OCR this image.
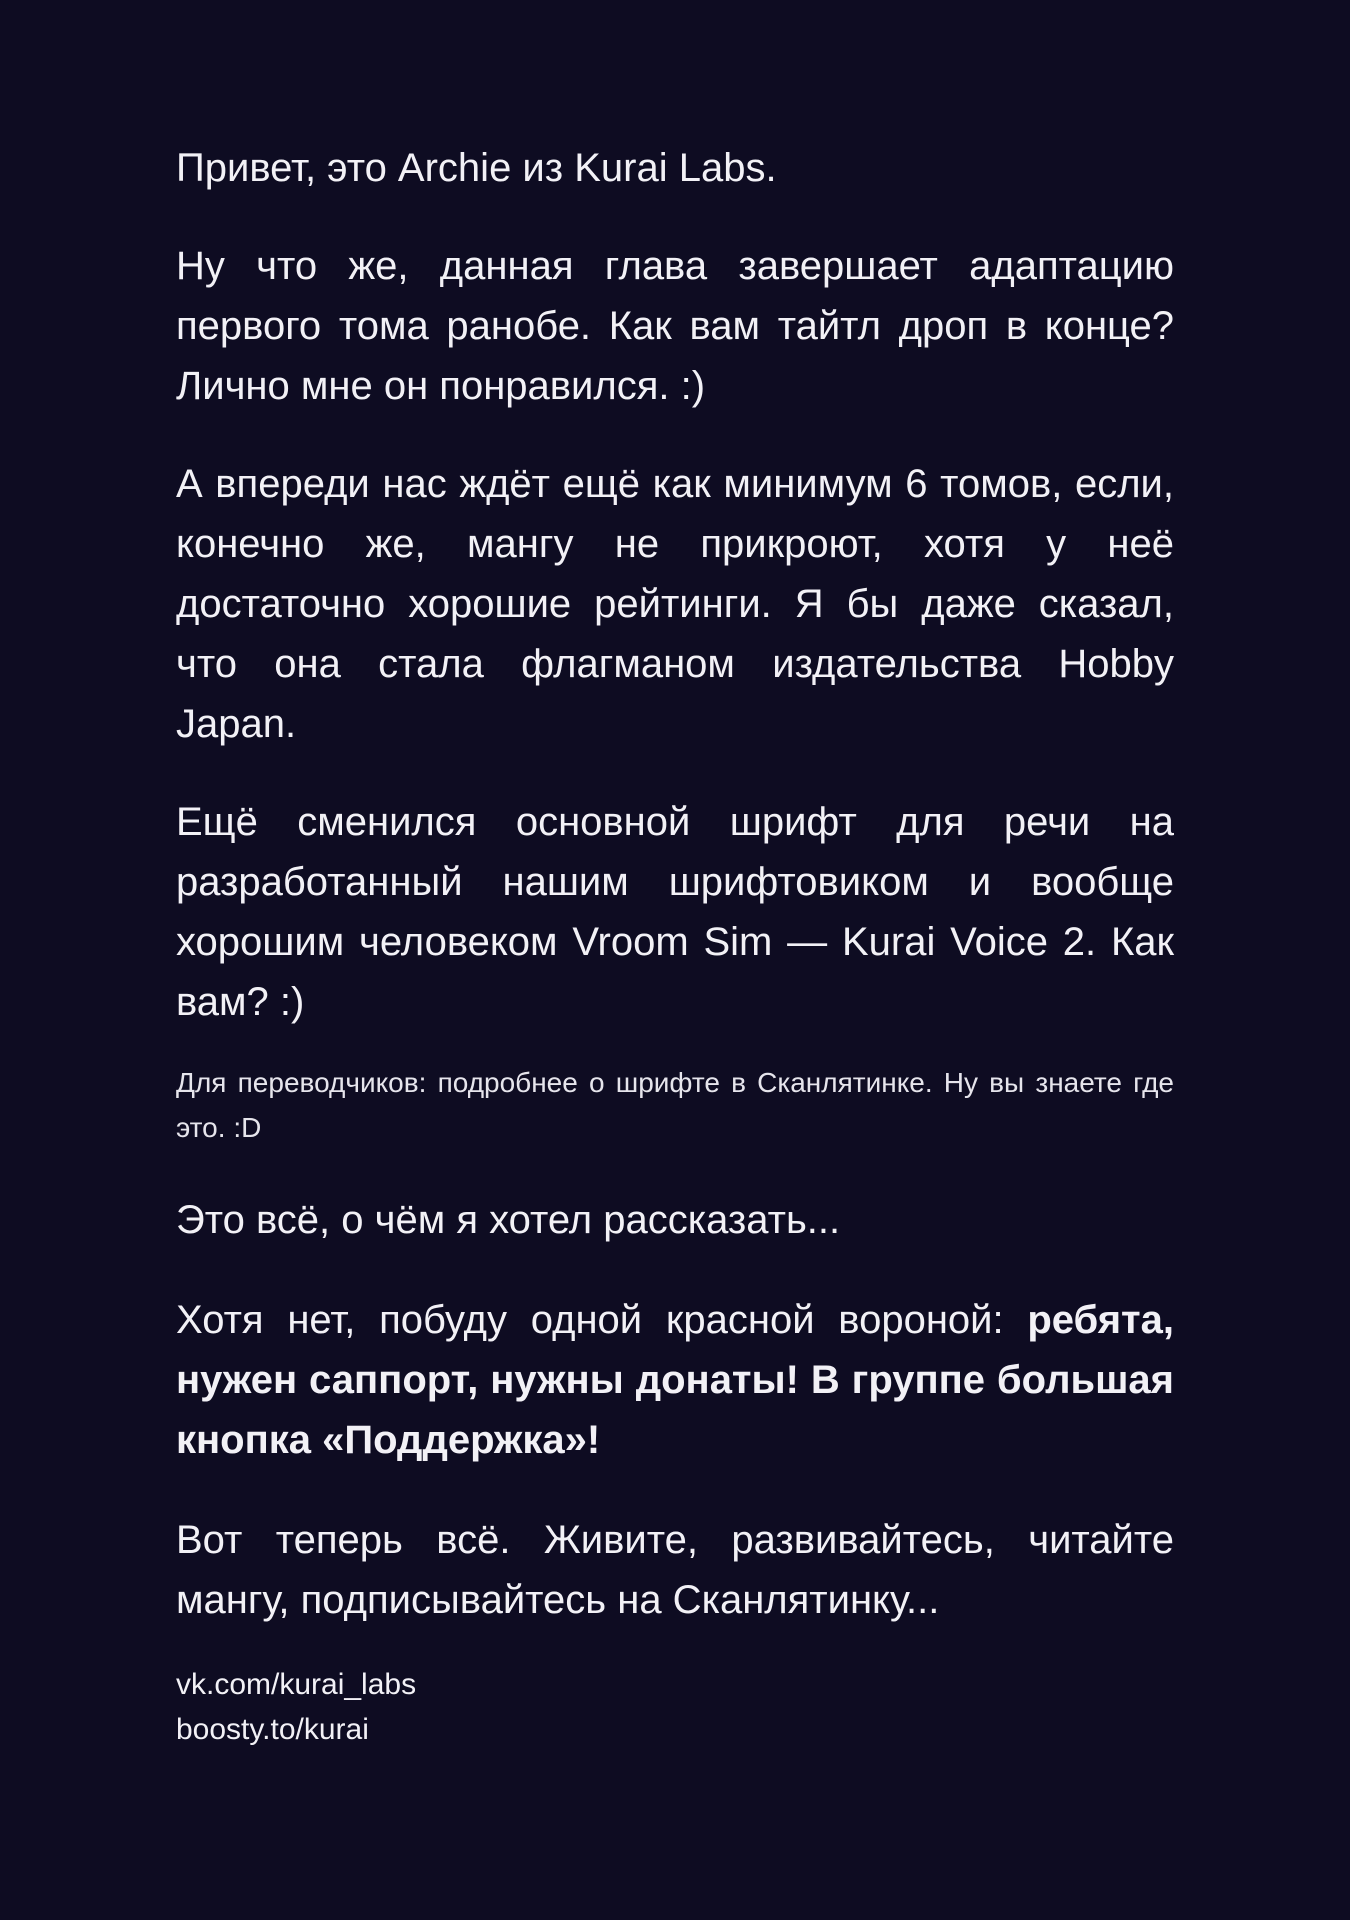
Привет, это Archie из Kurai Labs.

Ну что же, данная глава завершает адаптацию первого тома ранобе. Как вам тайтл дроп в конце? Лично мне он понравился. :)

А впереди нас ждёт ещё как минимум 6 томов, если, конечно же, мангу не прикроют, хотя у неё достаточно хорошие рейтинги. Я бы даже сказал, что она стала флагманом издательства Hobby Japan.

Ещё сменился основной шрифт для речи на разработанный нашим шрифтовиком и вообще хорошим человеком Vroom Sim — Kurai Voice 2. Как вам? :)

Для переводчиков: подробнее о шрифте в Сканлятинке. Ну вы знаете где это. :D

Это всё, о чём я хотел рассказать...

Хотя нет, побуду одной красной вороной: ребята, нужен саппорт, нужны донаты! В группе большая кнопка «Поддержка»!

Вот теперь всё. Живите, развивайтесь, читайте мангу, подписывайтесь на Сканлятинку...

vk.com/kurai_labs
boosty.to/kurai
